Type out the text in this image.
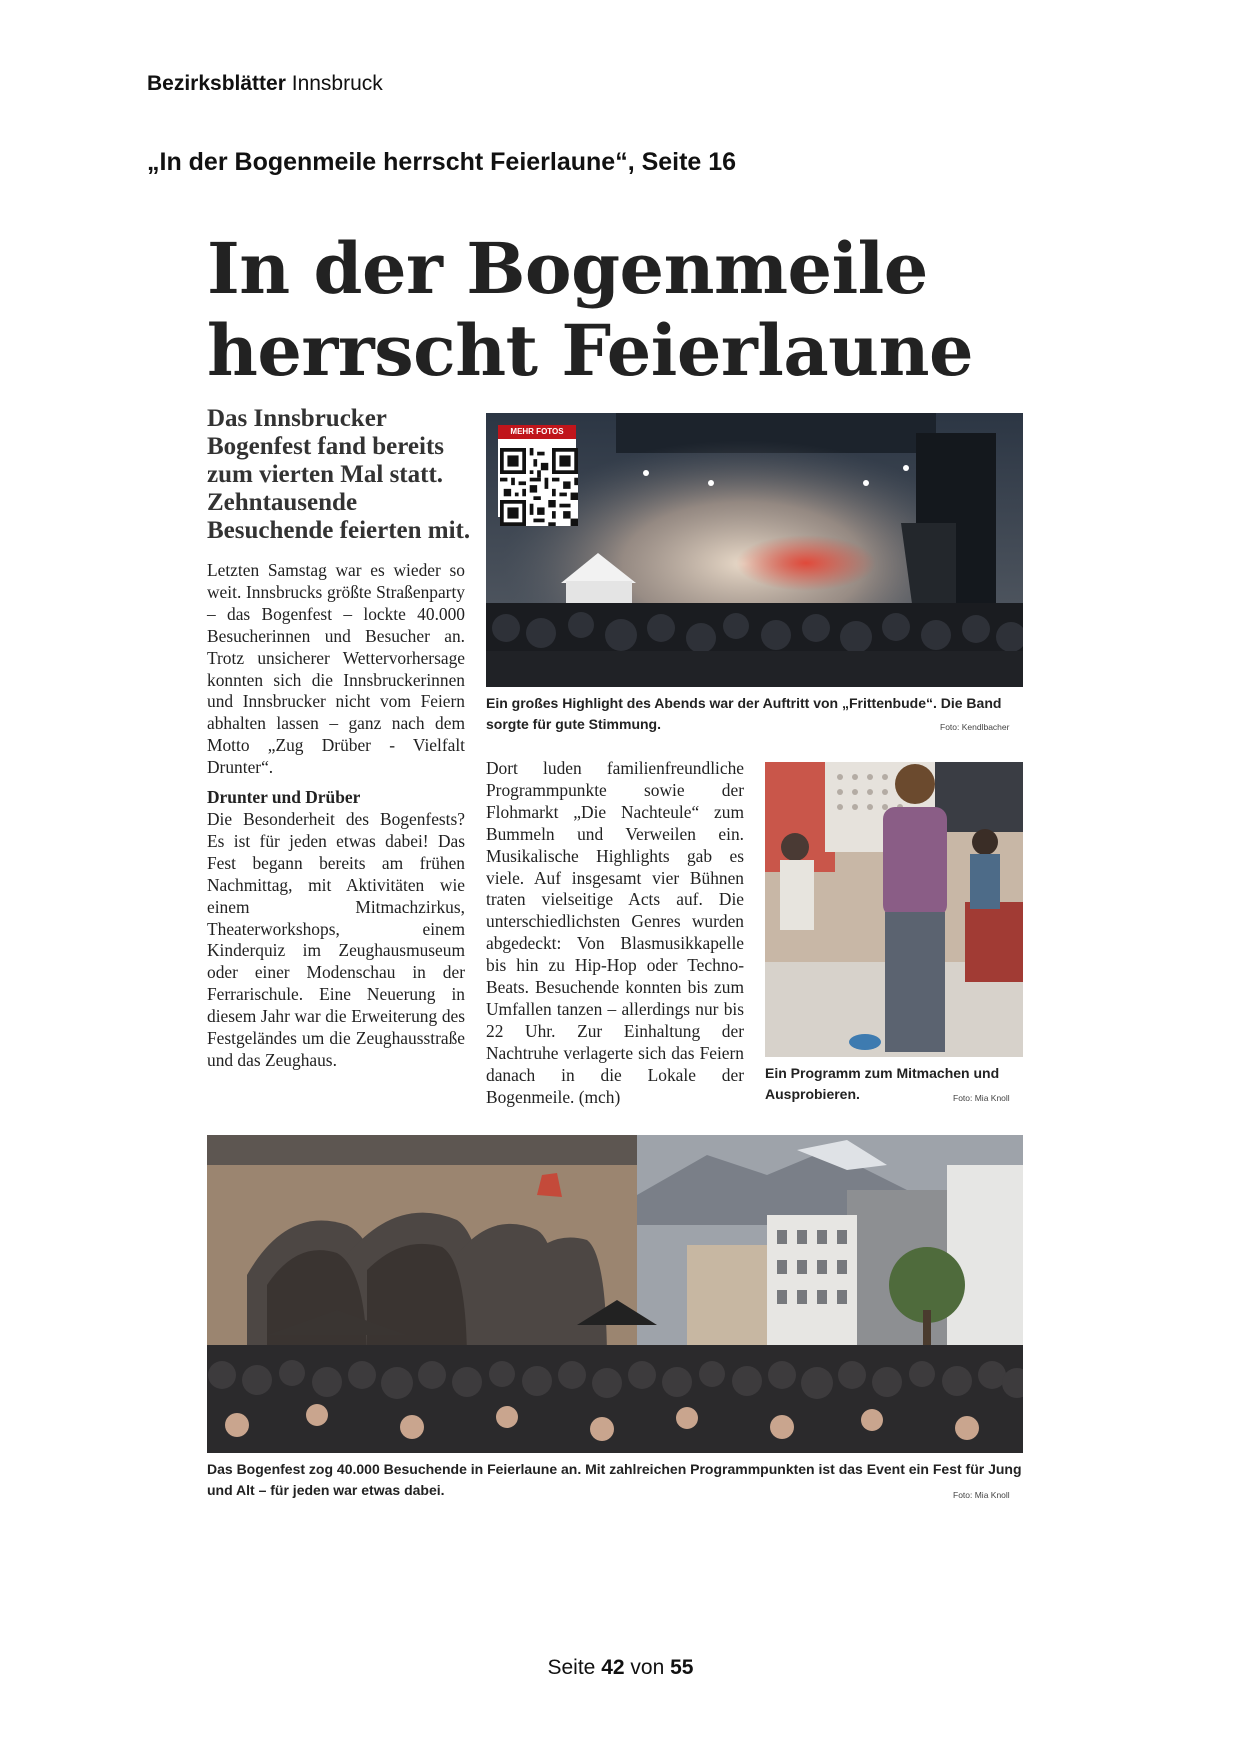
Bezirksblätter Innsbruck
„In der Bogenmeile herrscht Feierlaune“, Seite 16
In der Bogenmeile
herrscht Feierlaune
Das Innsbrucker Bogenfest fand bereits zum vierten Mal statt. Zehntausende Besuchende feierten mit.

Letzten Samstag war es wieder so weit. Innsbrucks größte Straßenparty – das Bogenfest – lockte 40.000 Besucherinnen und Besucher an. Trotz unsicherer Wettervorhersage konnten sich die Innsbruckerinnen und Innsbrucker nicht vom Feiern abhalten lassen – ganz nach dem Motto „Zug Drüber - Vielfalt Drunter“.

Drunter und Drüber

Die Besonderheit des Bogenfests? Es ist für jeden etwas dabei! Das Fest begann bereits am frühen Nachmittag, mit Aktivitäten wie einem Mitmachzirkus, Theaterworkshops, einem Kinderquiz im Zeughausmuseum oder einer Modenschau in der Ferrarischule. Eine Neuerung in diesem Jahr war die Erweiterung des Festgeländes um die Zeughausstraße und das Zeughaus.

Dort luden familienfreundliche Programmpunkte sowie der Flohmarkt „Die Nachteule“ zum Bummeln und Verweilen ein. Musikalische Highlights gab es viele. Auf insgesamt vier Bühnen traten vielseitige Acts auf. Die unterschiedlichsten Genres wurden abgedeckt: Von Blasmusikkapelle bis hin zu Hip-Hop oder Techno-Beats. Besuchende konnten bis zum Umfallen tanzen – allerdings nur bis 22 Uhr. Zur Einhaltung der Nachtruhe verlagerte sich das Feiern danach in die Lokale der Bogenmeile. (mch)

MEHR FOTOS
Ein großes Highlight des Abends war der Auftritt von „Frittenbude“. Die Band sorgte für gute Stimmung.	Foto: Kendlbacher
Ein Programm zum Mitmachen und Ausprobieren.	Foto: Mia Knoll
Das Bogenfest zog 40.000 Besuchende in Feierlaune an. Mit zahlreichen Programmpunkten ist das Event ein Fest für Jung und Alt – für jeden war etwas dabei.	Foto: Mia Knoll
Seite 42 von 55
